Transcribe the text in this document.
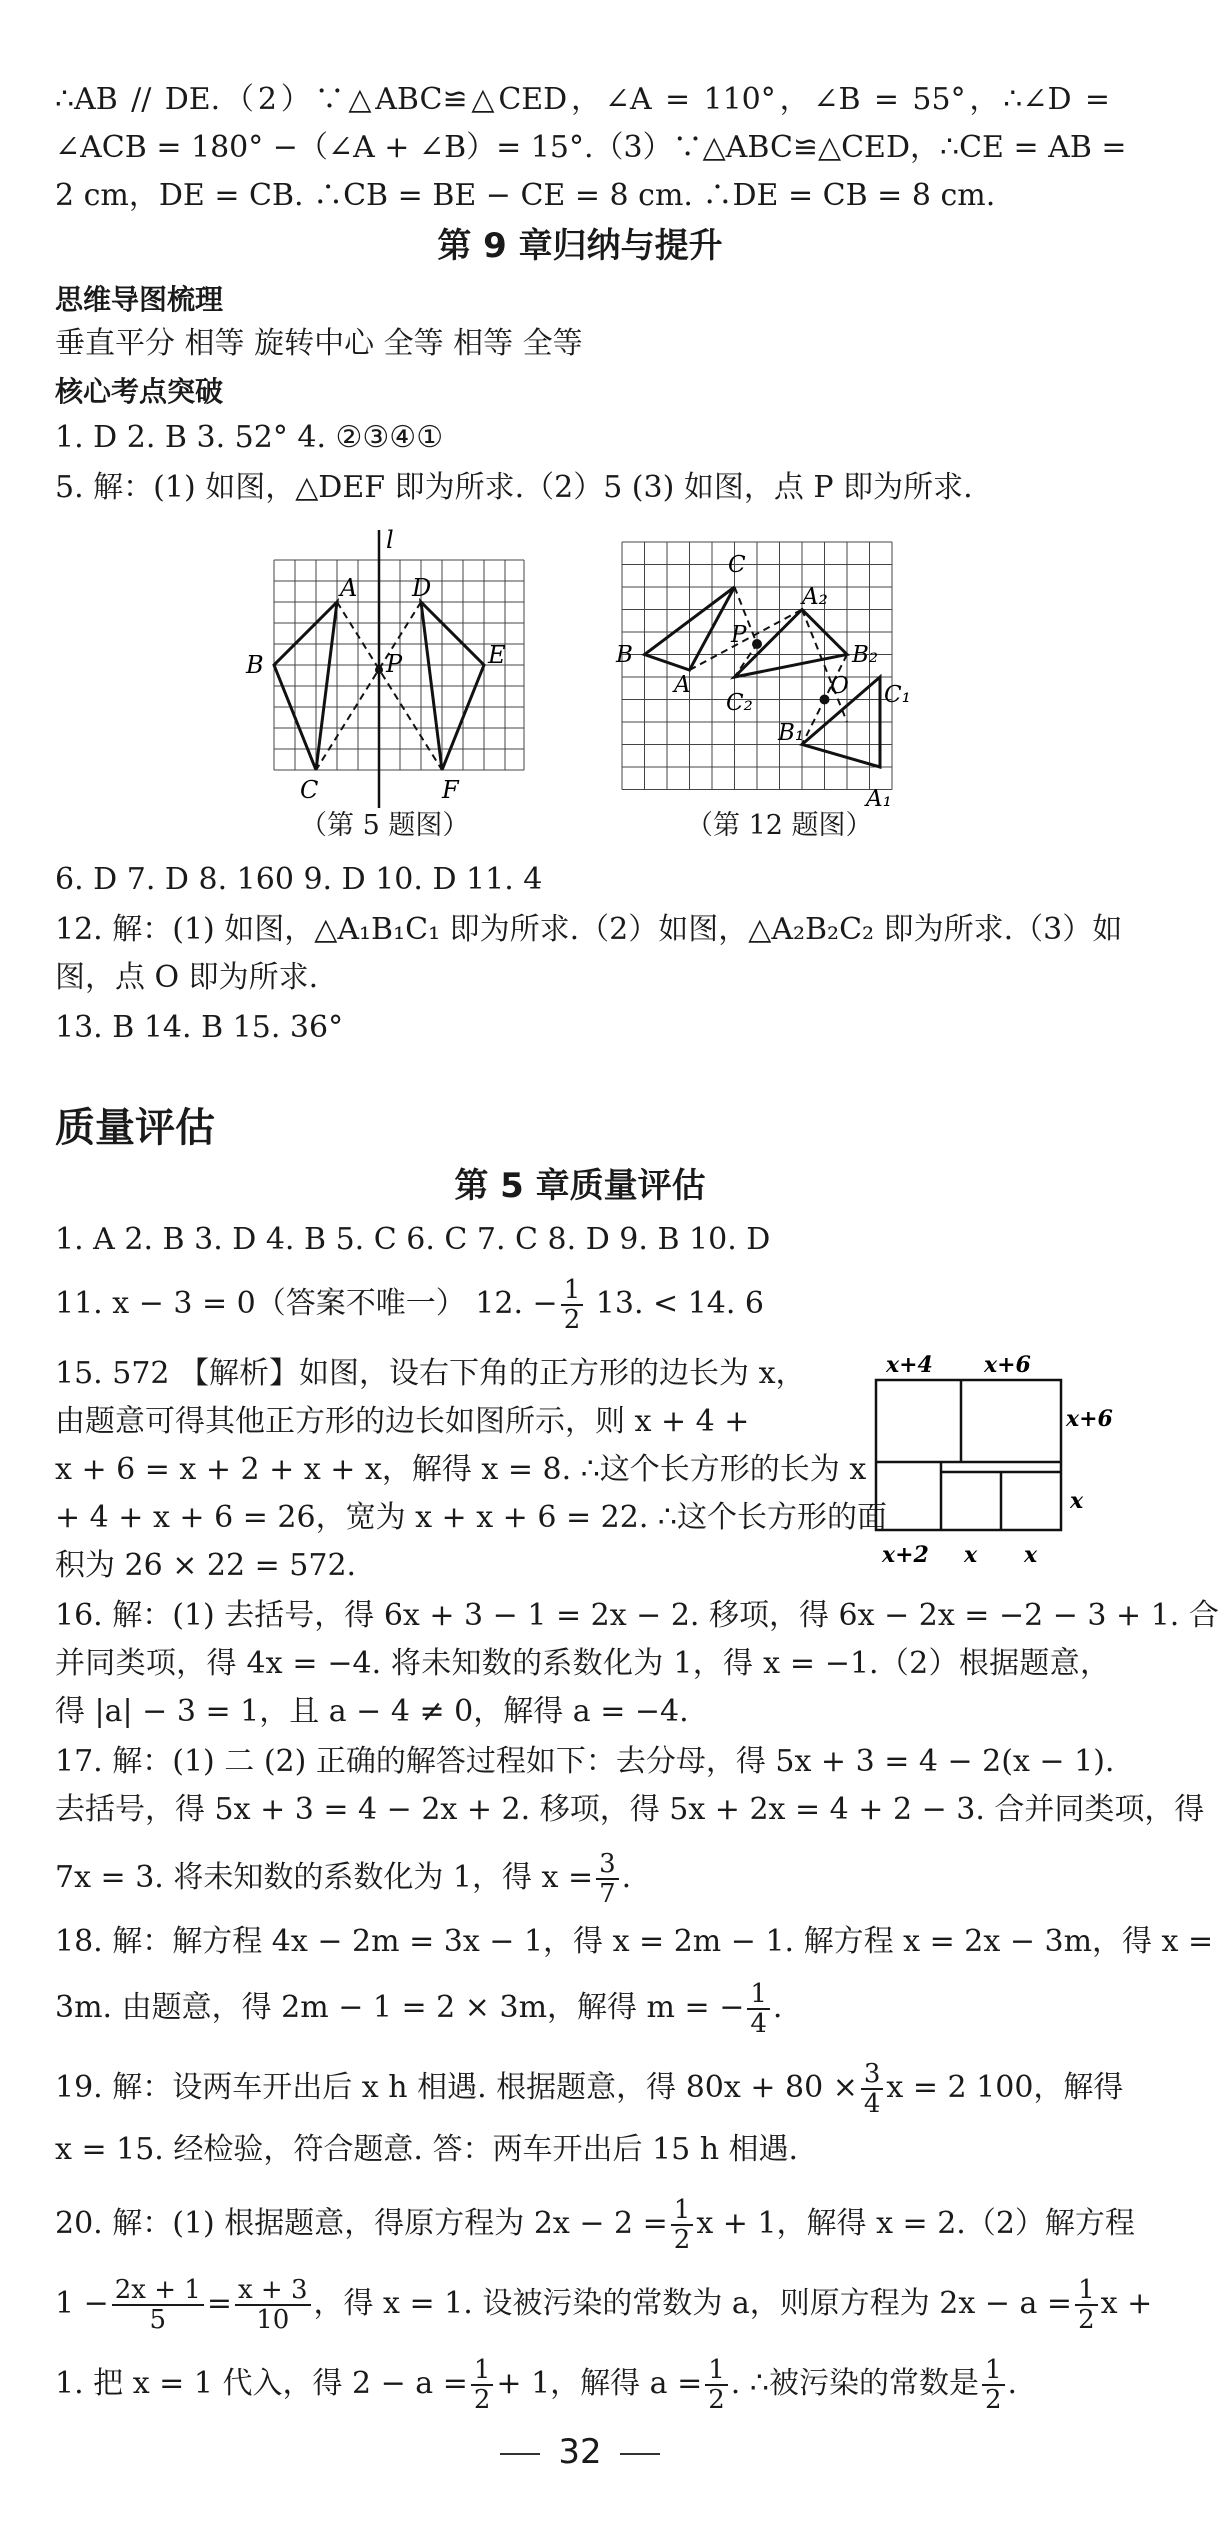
∴AB // DE.（2）∵△ABC≌△CED，∠A = 110°，∠B = 55°，∴∠D =
∠ACB = 180° −（∠A + ∠B）= 15°.（3）∵△ABC≌△CED，∴CE = AB =
2 cm，DE = CB. ∴CB = BE − CE = 8 cm. ∴DE = CB = 8 cm.
第 9 章归纳与提升
思维导图梳理
垂直平分 相等 旋转中心 全等 相等 全等
核心考点突破
1. D 2. B 3. 52° 4. ②③④①
5. 解：(1) 如图，△DEF 即为所求.（2）5 (3) 如图，点 P 即为所求.
l
A
B
C
D
E
F
P
（第 5 题图）
C
B
A
P
A₂
B₂
C₂
O C₁
B₁
A₁
（第 12 题图）
6. D 7. D 8. 160 9. D 10. D 11. 4
12. 解：(1) 如图，△A₁B₁C₁ 即为所求.（2）如图，△A₂B₂C₂ 即为所求.（3）如
图，点 O 即为所求.
13. B 14. B 15. 36°
质量评估
第 5 章质量评估
1. A 2. B 3. D 4. B 5. C 6. C 7. C 8. D 9. B 10. D
11. x − 3 = 0（答案不唯一） 12. − $\frac{1}{2} 13$. < 14. 6
15. 572 【解析】如图，设右下角的正方形的边长为 x，
由题意可得其他正方形的边长如图所示，则 x + 4 +
x + 6 = x + 2 + x + x，解得 x = 8. ∴这个长方形的长为 x
+ 4 + x + 6 = 26，宽为 x + x + 6 = 22. ∴这个长方形的面
积为 26 × 22 = 572.
x+4 x+6
x+6
x
x+2 x x
16. 解：(1) 去括号，得 6x + 3 − 1 = 2x − 2. 移项，得 6x − 2x = −2 − 3 + 1. 合
并同类项，得 4x = −4. 将未知数的系数化为 1，得 x = −1.（2）根据题意，
得 |a| − 3 = 1，且 a − 4 ≠ 0，解得 a = −4.
17. 解：(1) 二 (2) 正确的解答过程如下：去分母，得 5x + 3 = 4 − 2(x − 1).
去括号，得 5x + 3 = 4 − 2x + 2. 移项，得 5x + 2x = 4 + 2 − 3. 合并同类项，得
7x = 3. 将未知数的系数化为 1，得 $x = \frac{3}{7}$ .
18. 解：解方程 4x − 2m = 3x − 1，得 x = 2m − 1. 解方程 x = 2x − 3m，得 x =
3m. 由题意，得 2m − 1 = 2 × 3m，解得 m = − $\frac{1}{4}$ .
19. 解：设两车开出后 x h 相遇. 根据题意，得 $80x + 80 \times \frac{3}{4}$ x = 2 100，解得
x = 15. 经检验，符合题意. 答：两车开出后 15 h 相遇.
20. 解：(1) 根据题意，得原方程为 $2x - 2 = \frac{1}{2}$ x + 1，解得 x = 2.（2）解方程
$1 - \frac{2x + 1}{5} = \frac{x + 3}{10}$ ，得 x = 1. 设被污染的常数为 a，则原方程为 $2x - a = \frac{1}{2}$ x +
1. 把 x = 1 代入，得 $2 - a = \frac{1}{2} + 1$，解得 $a = \frac{1}{2}$ . ∴被污染的常数是 $\frac{1}{2}$ .
32
